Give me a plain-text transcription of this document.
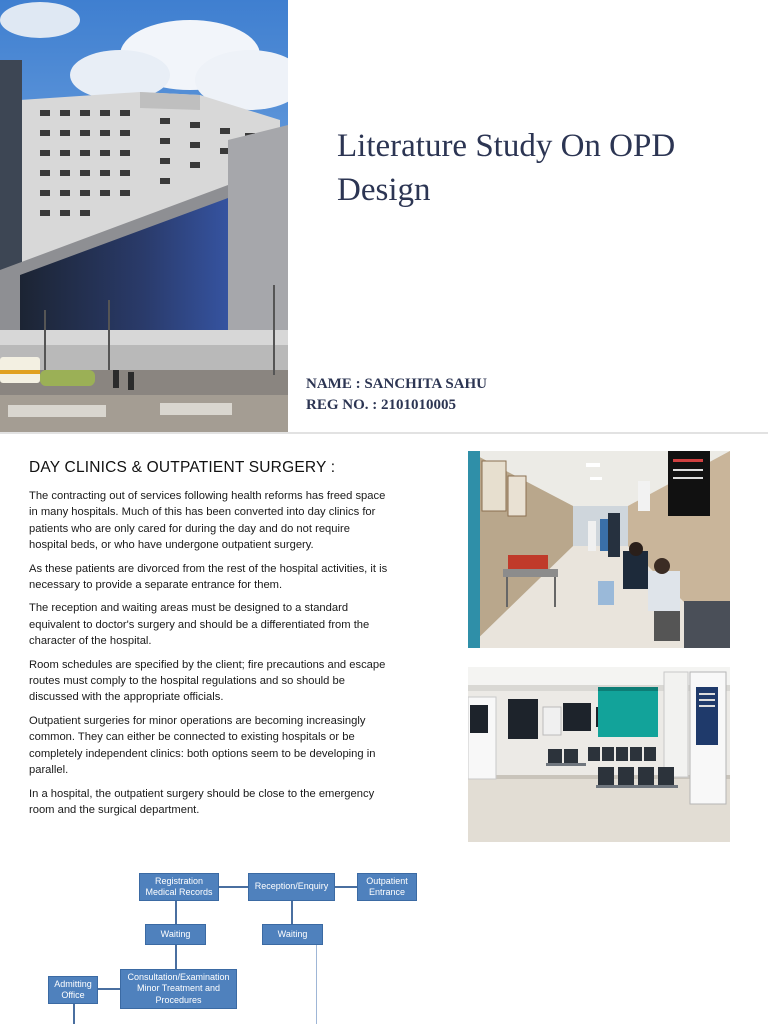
Literature Study On OPD Design
NAME : SANCHITA SAHU
REG NO. : 2101010005
DAY CLINICS & OUTPATIENT SURGERY :

The contracting out of services following health reforms has freed space in many hospitals. Much of this has been converted into day clinics for patients who are only cared for during the day and do not require hospital beds, or who have undergone outpatient surgery.

As these patients are divorced from the rest of the hospital activities, it is necessary to provide a separate entrance for them.

The reception and waiting areas must be designed to a standard equivalent to doctor's surgery and should be a differentiated from the character of the hospital.

Room schedules are specified by the client; fire precautions and escape routes must comply to the hospital regulations and so should be discussed with the appropriate officials.

Outpatient surgeries for minor operations are becoming increasingly common. They can either be connected to existing hospitals or be completely independent clinics: both options seem to be developing in parallel.

In a hospital, the outpatient surgery should be close to the emergency room and the surgical department.

Registration
Medical Records
Reception/Enquiry
Outpatient
Entrance
Waiting	Waiting
Consultation/Examination
Minor Treatment and
Procedures
Admitting
Office
